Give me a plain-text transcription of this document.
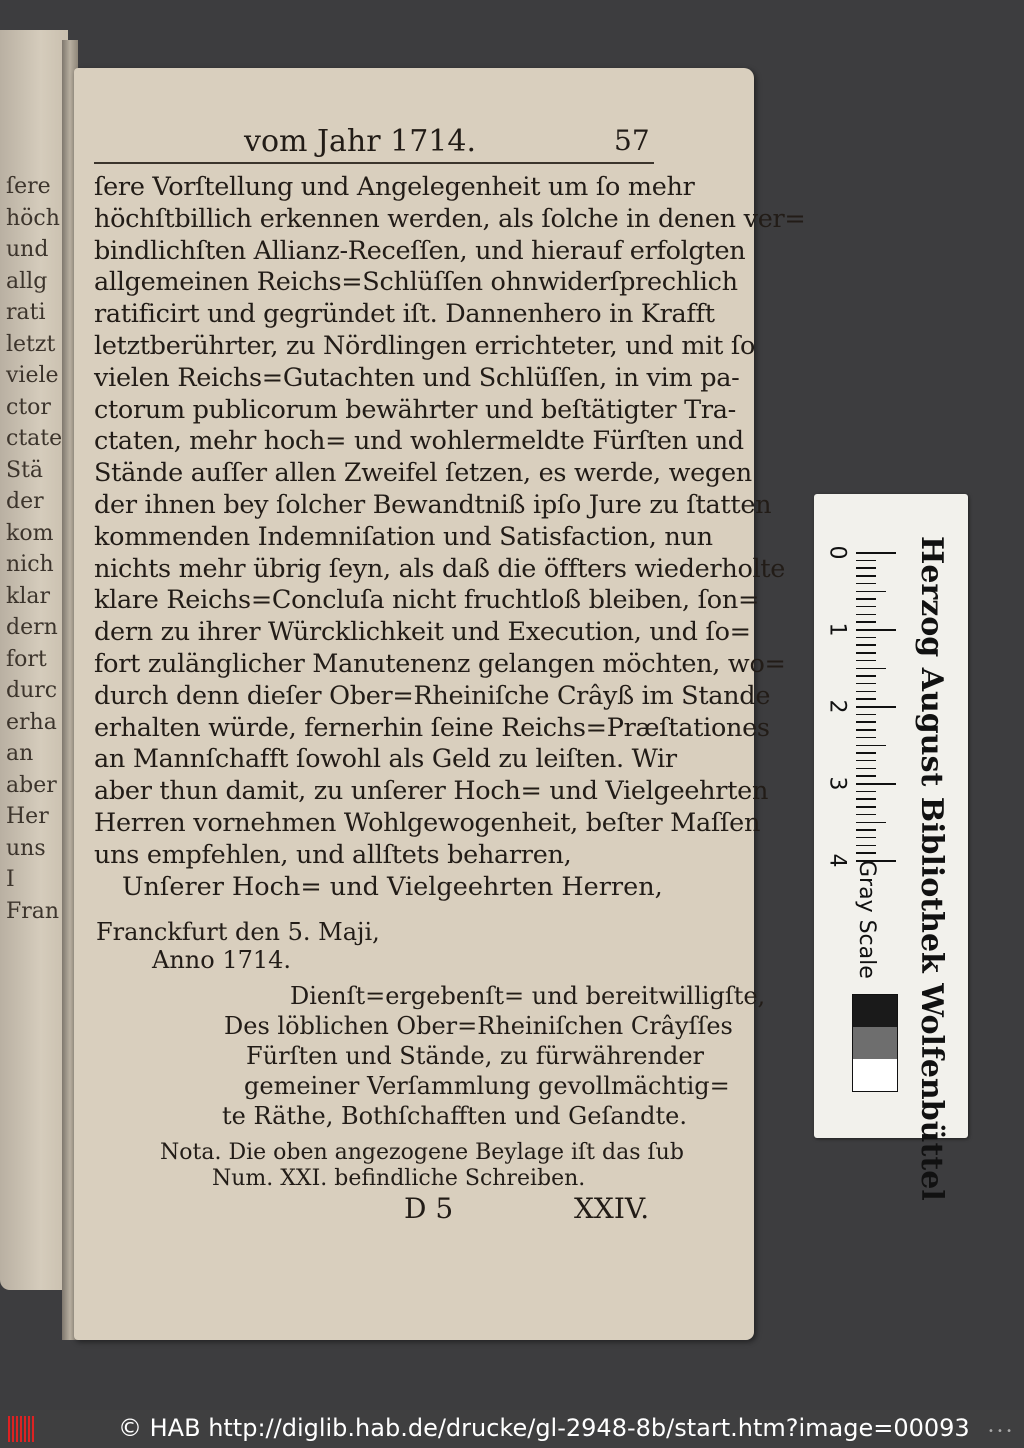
ſere
höch
und
allg
rati
letzt
viele
ctor
ctate
Stä
der
kom
nich
klar
dern
fort
durc
erha
an
aber
Her
uns
I
Fran
vom Jahr 1714.	57
ſere Vorſtellung und Angelegenheit um ſo mehr
höchſtbillich erkennen werden, als ſolche in denen ver=
bindlichſten Allianz-Receſſen, und hierauf erfolgten
allgemeinen Reichs=Schlüſſen ohnwiderſprechlich
ratificirt und gegründet iſt. Dannenhero in Krafft
letztberührter, zu Nördlingen errichteter, und mit ſo
vielen Reichs=Gutachten und Schlüſſen, in vim pa-
ctorum publicorum bewährter und beſtätigter Tra-
ctaten, mehr hoch= und wohlermeldte Fürſten und
Stände auſſer allen Zweifel ſetzen, es werde, wegen
der ihnen bey ſolcher Bewandtniß ipſo Jure zu ſtatten
kommenden Indemniſation und Satisfaction, nun
nichts mehr übrig ſeyn, als daß die öffters wiederholte
klare Reichs=Concluſa nicht fruchtloß bleiben, ſon=
dern zu ihrer Würcklichkeit und Execution, und ſo=
fort zulänglicher Manutenenz gelangen möchten, wo=
durch denn dieſer Ober=Rheiniſche Crâyß im Stande
erhalten würde, fernerhin ſeine Reichs=Præſtationes
an Mannſchafft ſowohl als Geld zu leiſten. Wir
aber thun damit, zu unſerer Hoch= und Vielgeehrten
Herren vornehmen Wohlgewogenheit, beſter Maſſen
uns empfehlen, und allſtets beharren,
Unſerer Hoch= und Vielgeehrten Herren,
Franckfurt den 5. Maji,
Anno 1714.
Dienſt=ergebenſt= und bereitwilligſte,
Des löblichen Ober=Rheiniſchen Crâyſſes
Fürſten und Stände, zu fürwährender
gemeiner Verſammlung gevollmächtig=
te Räthe, Bothſchafften und Geſandte.
Nota. Die oben angezogene Beylage iſt das ſub
Num. XXI. befindliche Schreiben.
D 5	XXIV.
0
1
2
3
4 Herzog August Bibliothek Wolfenbüttel
Gray Scale
© HAB http://diglib.hab.de/drucke/gl-2948-8b/start.htm?image=00093 • • •
